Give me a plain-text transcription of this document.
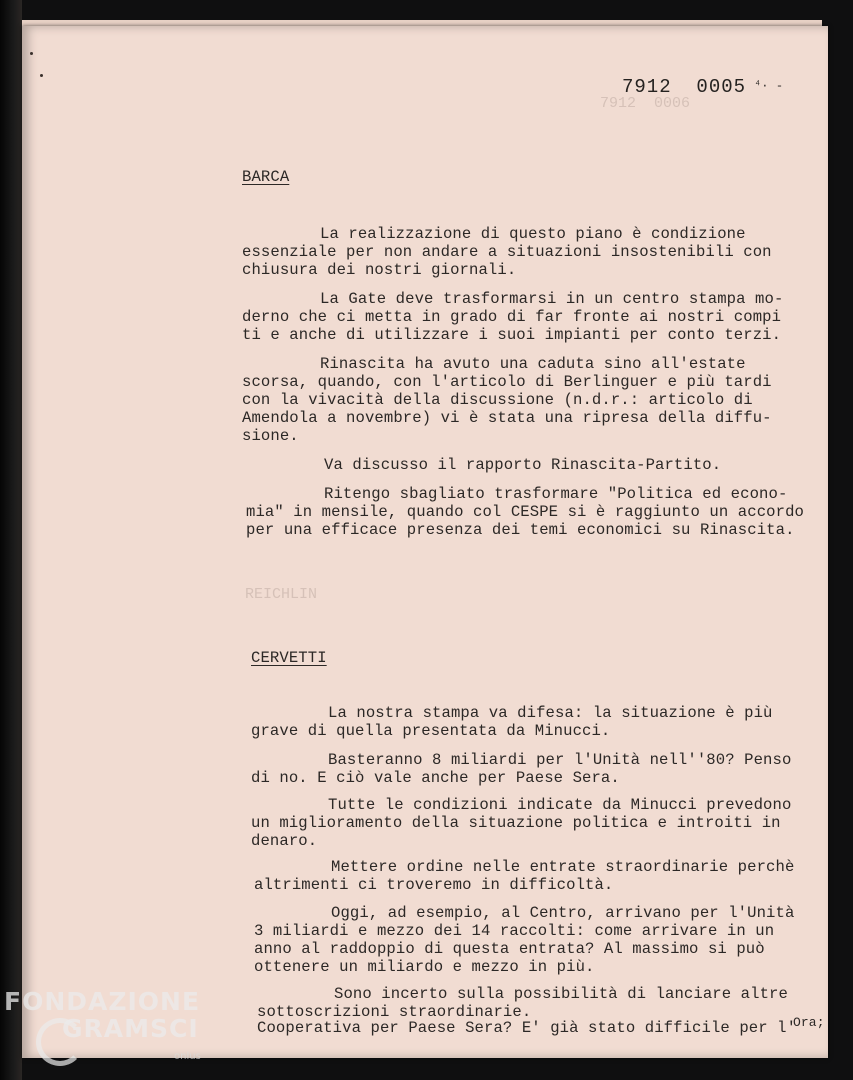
7912  0006
REICHLIN
7912  0005 ⁴· -
BARCA
La realizzazione di questo piano è condizione
essenziale per non andare a situazioni insostenibili con
chiusura dei nostri giornali.
La Gate deve trasformarsi in un centro stampa mo-
derno che ci metta in grado di far fronte ai nostri compi
ti e anche di utilizzare i suoi impianti per conto terzi.
Rinascita ha avuto una caduta sino all'estate
scorsa, quando, con l'articolo di Berlinguer e più tardi
con la vivacità della discussione (n.d.r.: articolo di
Amendola a novembre) vi è stata una ripresa della diffu-
sione.
Va discusso il rapporto Rinascita-Partito.
Ritengo sbagliato trasformare "Politica ed econo-
mia" in mensile, quando col CESPE si è raggiunto un accordo
per una efficace presenza dei temi economici su Rinascita.
CERVETTI
La nostra stampa va difesa: la situazione è più
grave di quella presentata da Minucci.
Basteranno 8 miliardi per l'Unità nell''80? Penso
di no. E ciò vale anche per Paese Sera.
Tutte le condizioni indicate da Minucci prevedono
un miglioramento della situazione politica e introiti in
denaro.
Mettere ordine nelle entrate straordinarie perchè
altrimenti ci troveremo in difficoltà.
Oggi, ad esempio, al Centro, arrivano per l'Unità
3 miliardi e mezzo dei 14 raccolti: come arrivare in un
anno al raddoppio di questa entrata? Al massimo si può
ottenere un miliardo e mezzo in più.
Sono incerto sulla possibilità di lanciare altre
sottoscrizioni straordinarie.
Cooperativa per Paese Sera? E' già stato difficile per l'
Ora;
FONDAZIONE
GRAMSCI
onlus
